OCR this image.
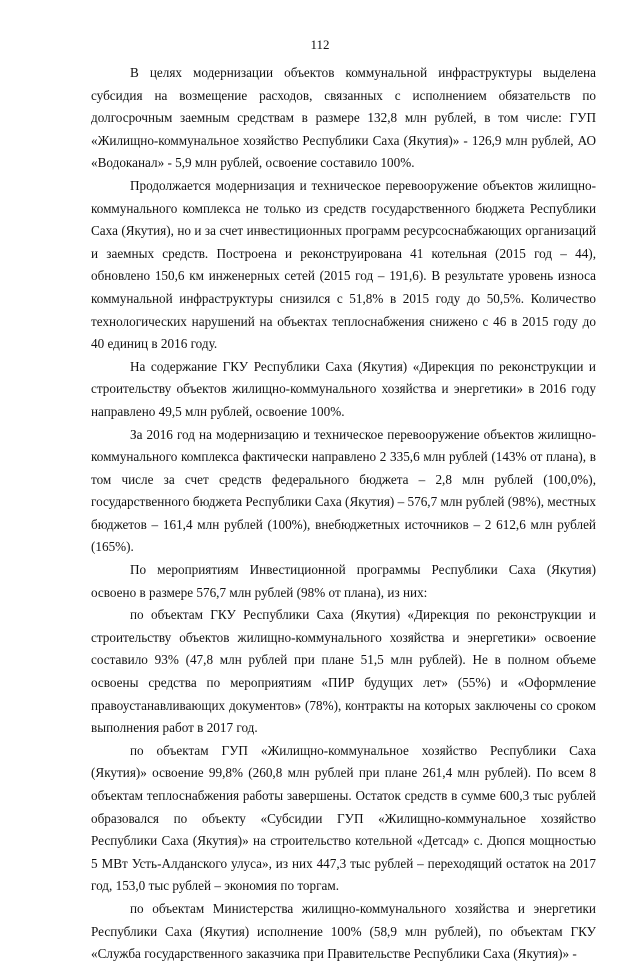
112

В целях модернизации объектов коммунальной инфраструктуры выделена субсидия на возмещение расходов, связанных с исполнением обязательств по долгосрочным заемным средствам в размере 132,8 млн рублей, в том числе: ГУП «Жилищно-коммунальное хозяйство Республики Саха (Якутия)» - 126,9 млн рублей, АО «Водоканал» - 5,9 млн рублей, освоение составило 100%.

Продолжается модернизация и техническое перевооружение объектов жилищно-коммунального комплекса не только из средств государственного бюджета Республики Саха (Якутия), но и за счет инвестиционных программ ресурсоснабжающих организаций и заемных средств. Построена и реконструирована 41 котельная (2015 год – 44), обновлено 150,6 км инженерных сетей (2015 год – 191,6). В результате уровень износа коммунальной инфраструктуры снизился с 51,8% в 2015 году до 50,5%. Количество технологических нарушений на объектах теплоснабжения снижено с 46 в 2015 году до 40 единиц в 2016 году.

На содержание ГКУ Республики Саха (Якутия) «Дирекция по реконструкции и строительству объектов жилищно-коммунального хозяйства и энергетики» в 2016 году направлено 49,5 млн рублей, освоение 100%.

За 2016 год на модернизацию и техническое перевооружение объектов жилищно-коммунального комплекса фактически направлено 2 335,6 млн рублей (143% от плана), в том числе за счет средств федерального бюджета – 2,8 млн рублей (100,0%), государственного бюджета Республики Саха (Якутия) – 576,7 млн рублей (98%), местных бюджетов – 161,4 млн рублей (100%), внебюджетных источников – 2 612,6 млн рублей (165%).

По мероприятиям Инвестиционной программы Республики Саха (Якутия) освоено в размере 576,7 млн рублей (98% от плана), из них:

по объектам ГКУ Республики Саха (Якутия) «Дирекция по реконструкции и строительству объектов жилищно-коммунального хозяйства и энергетики» освоение составило 93% (47,8 млн рублей при плане 51,5 млн рублей). Не в полном объеме освоены средства по мероприятиям «ПИР будущих лет» (55%) и «Оформление правоустанавливающих документов» (78%), контракты на которых заключены со сроком выполнения работ в 2017 год.

по объектам ГУП «Жилищно-коммунальное хозяйство Республики Саха (Якутия)» освоение 99,8% (260,8 млн рублей при плане 261,4 млн рублей). По всем 8 объектам теплоснабжения работы завершены. Остаток средств в сумме 600,3 тыс рублей образовался по объекту «Субсидии ГУП «Жилищно-коммунальное хозяйство Республики Саха (Якутия)» на строительство котельной «Детсад» с. Дюпся мощностью 5 МВт Усть-Алданского улуса», из них 447,3 тыс рублей – переходящий остаток на 2017 год, 153,0 тыс рублей – экономия по торгам.

по объектам Министерства жилищно-коммунального хозяйства и энергетики Республики Саха (Якутия) исполнение 100% (58,9 млн рублей), по объектам ГКУ «Служба государственного заказчика при Правительстве Республики Саха (Якутия)» -
